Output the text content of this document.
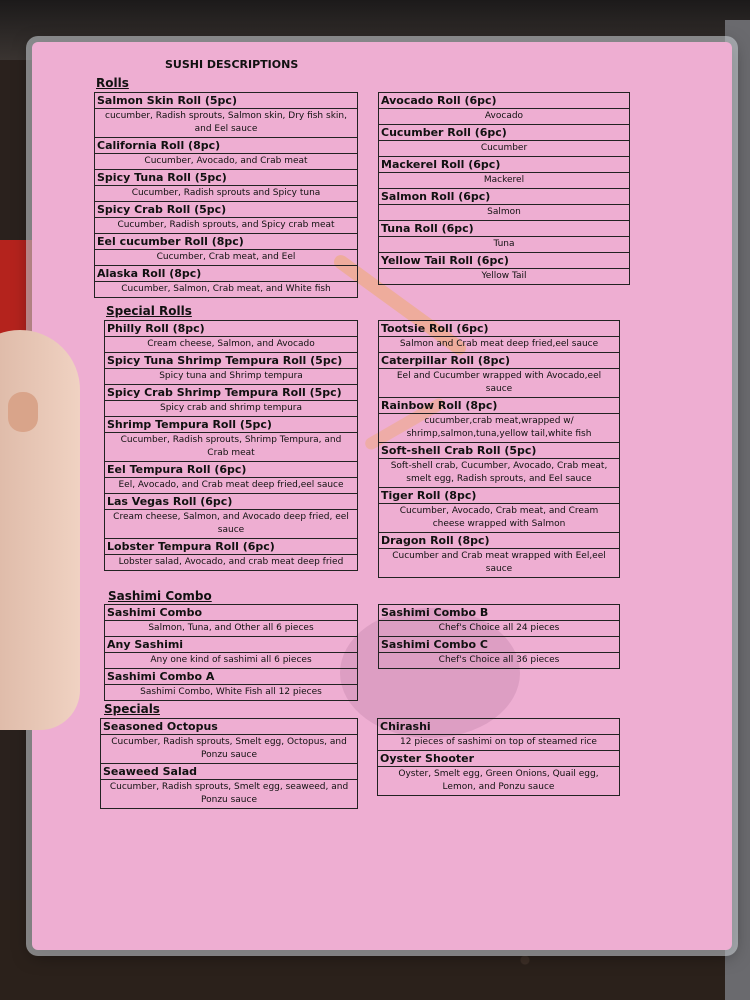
SUSHI DESCRIPTIONS
Rolls
Salmon Skin Roll (5pc)
cucumber, Radish sprouts, Salmon skin, Dry fish skin, and Eel sauce
California Roll (8pc)
Cucumber, Avocado, and Crab meat
Spicy Tuna Roll (5pc)
Cucumber, Radish sprouts and Spicy tuna
Spicy Crab Roll (5pc)
Cucumber, Radish sprouts, and Spicy crab meat
Eel cucumber Roll (8pc)
Cucumber, Crab meat, and Eel
Alaska Roll (8pc)
Cucumber, Salmon, Crab meat, and White fish
Avocado Roll (6pc)
Avocado
Cucumber Roll (6pc)
Cucumber
Mackerel Roll (6pc)
Mackerel
Salmon Roll (6pc)
Salmon
Tuna Roll (6pc)
Tuna
Yellow Tail Roll (6pc)
Yellow Tail
Special Rolls
Philly Roll (8pc)
Cream cheese, Salmon, and Avocado
Spicy Tuna Shrimp Tempura Roll (5pc)
Spicy tuna and Shrimp tempura
Spicy Crab Shrimp Tempura Roll (5pc)
Spicy crab and shrimp tempura
Shrimp Tempura Roll (5pc)
Cucumber, Radish sprouts, Shrimp Tempura, and Crab meat
Eel Tempura Roll (6pc)
Eel, Avocado, and Crab meat deep fried,eel sauce
Las Vegas Roll (6pc)
Cream cheese, Salmon, and Avocado deep fried, eel sauce
Lobster Tempura Roll (6pc)
Lobster salad, Avocado, and crab meat deep fried
Tootsie Roll (6pc)
Salmon and Crab meat deep fried,eel sauce
Caterpillar Roll (8pc)
Eel and Cucumber wrapped with Avocado,eel sauce
Rainbow Roll (8pc)
cucumber,crab meat,wrapped w/ shrimp,salmon,tuna,yellow tail,white fish
Soft-shell Crab Roll (5pc)
Soft-shell crab, Cucumber, Avocado, Crab meat, smelt egg, Radish sprouts, and Eel sauce
Tiger Roll (8pc)
Cucumber, Avocado, Crab meat, and Cream cheese wrapped with Salmon
Dragon Roll (8pc)
Cucumber and Crab meat wrapped with Eel,eel sauce
Sashimi Combo
Sashimi Combo
Salmon, Tuna, and Other all 6 pieces
Any Sashimi
Any one kind of sashimi all 6 pieces
Sashimi Combo A
Sashimi Combo, White Fish all 12 pieces
Sashimi Combo B
Chef's Choice all 24 pieces
Sashimi Combo C
Chef's Choice all 36 pieces
Specials
Seasoned Octopus
Cucumber, Radish sprouts, Smelt egg, Octopus, and Ponzu sauce
Seaweed Salad
Cucumber, Radish sprouts, Smelt egg, seaweed, and Ponzu sauce
Chirashi
12 pieces of sashimi on top of steamed rice
Oyster Shooter
Oyster, Smelt egg, Green Onions, Quail egg, Lemon, and Ponzu sauce
